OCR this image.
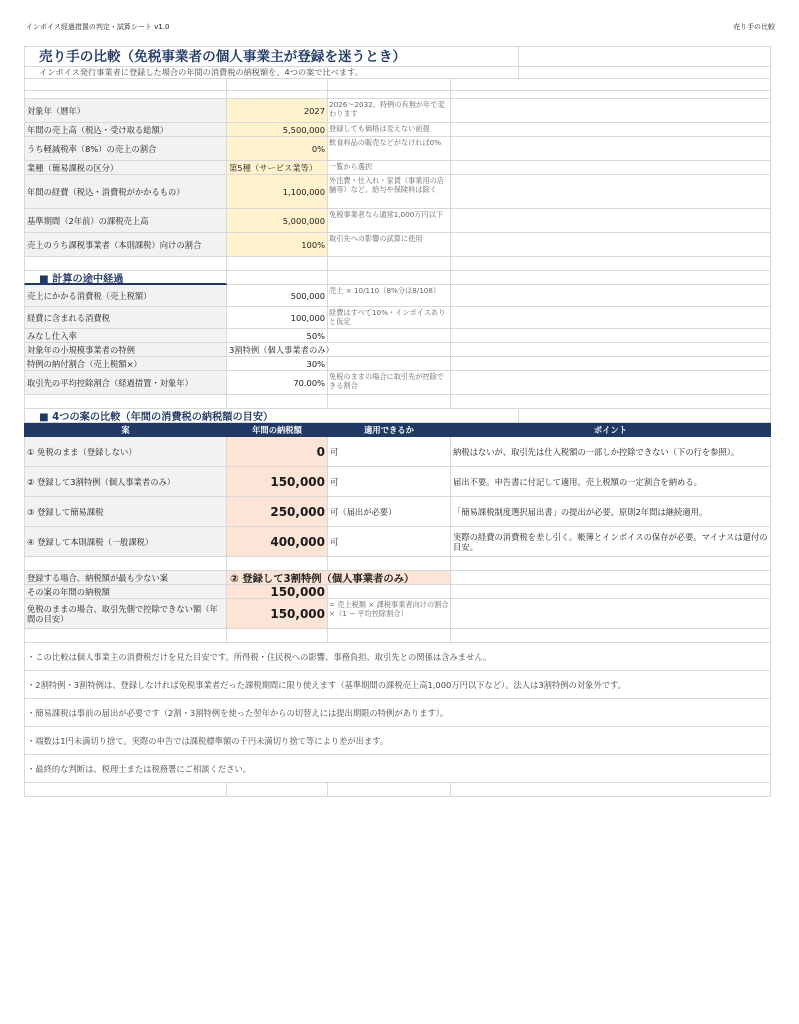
インボイス経過措置の判定・試算シート v1.0	売り手の比較
売り手の比較（免税事業者の個人事業主が登録を迷うとき）
インボイス発行事業者に登録した場合の年間の消費税の納税額を、4つの案で比べます。
対象年（暦年）	2027
2026〜2032。特例の有無が年で変わります
年間の売上高（税込・受け取る総額）	5,500,000 登録しても価格は変えない前提
うち軽減税率（8%）の売上の割合	0%
飲食料品の販売などがなければ0%
業種（簡易課税の区分）	第5種（サービス業等）	一覧から選択
年間の経費（税込・消費税がかかるもの）	1,100,000
外注費・仕入れ・家賃（事業用の店舗等）など。給与や保険料は除く
基準期間（2年前）の課税売上高	5,000,000
免税事業者なら通常1,000万円以下
売上のうち課税事業者（本則課税）向けの割合	100%
取引先への影響の試算に使用
■ 計算の途中経過
売上にかかる消費税（売上税額）	500,000 売上 × 10/110（8%分は8/108）
経費に含まれる消費税	100,000 経費はすべて10%・インボイスありと仮定
みなし仕入率	50%
対象年の小規模事業者の特例	3割特例（個人事業者のみ）
特例の納付割合（売上税額×）	30%
取引先の平均控除割合（経過措置・対象年）	70.00%
免税のままの場合に取引先が控除できる割合
■ 4つの案の比較（年間の消費税の納税額の目安）
案	年間の納税額	適用できるか	ポイント
① 免税のまま（登録しない）	0 可	納税はないが、取引先は仕入税額の一部しか控除できない（下の行を参照）。
② 登録して3割特例（個人事業者のみ）	150,000 可	届出不要。申告書に付記して適用。売上税額の一定割合を納める。
③ 登録して簡易課税	250,000 可（届出が必要）	「簡易課税制度選択届出書」の提出が必要。原則2年間は継続適用。
④ 登録して本則課税（一般課税）	400,000 可	実際の経費の消費税を差し引く。帳簿とインボイスの保存が必要。マイナスは還付の目安。
登録する場合、納税額が最も少ない案	② 登録して3割特例（個人事業者のみ）
その案の年間の納税額	150,000
免税のままの場合、取引先側で控除できない額（年間の目安）	150,000
= 売上税額 × 課税事業者向けの割合 ×（1 − 平均控除割合）
・この比較は個人事業主の消費税だけを見た目安です。所得税・住民税への影響、事務負担、取引先との関係は含みません。
・2割特例・3割特例は、登録しなければ免税事業者だった課税期間に限り使えます（基準期間の課税売上高1,000万円以下など）。法人は3割特例の対象外です。
・簡易課税は事前の届出が必要です（2割・3割特例を使った翌年からの切替えには提出期限の特例があります）。
・端数は1円未満切り捨て。実際の申告では課税標準額の千円未満切り捨て等により差が出ます。
・最終的な判断は、税理士または税務署にご相談ください。
